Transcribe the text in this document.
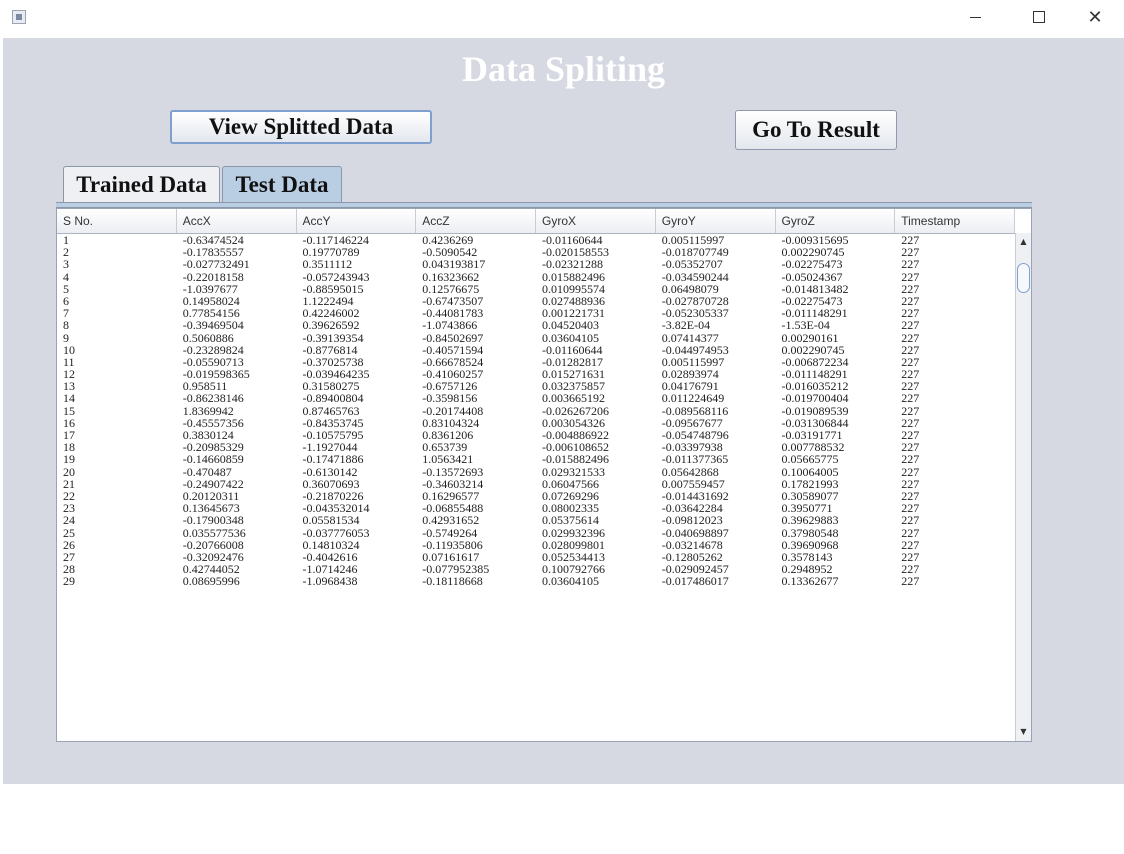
✕
Data Spliting
View Splitted Data	Go To Result
Trained Data	Test Data
S No.	AccX	AccY	AccZ	GyroX	GyroY	GyroZ	Timestamp
1	-0.63474524	-0.117146224	0.4236269	-0.01160644	0.005115997	-0.009315695	227
2	-0.17835557	0.19770789	-0.5090542	-0.020158553	-0.018707749	0.002290745	227
3	-0.027732491	0.3511112	0.043193817	-0.02321288	-0.05352707	-0.02275473	227
4	-0.22018158	-0.057243943	0.16323662	0.015882496	-0.034590244	-0.05024367	227
5	-1.0397677	-0.88595015	0.12576675	0.010995574	0.06498079	-0.014813482	227
6	0.14958024	1.1222494	-0.67473507	0.027488936	-0.027870728	-0.02275473	227
7	0.77854156	0.42246002	-0.44081783	0.001221731	-0.052305337	-0.011148291	227
8	-0.39469504	0.39626592	-1.0743866	0.04520403	-3.82E-04	-1.53E-04	227
9	0.5060886	-0.39139354	-0.84502697	0.03604105	0.07414377	0.00290161	227
10	-0.23289824	-0.8776814	-0.40571594	-0.01160644	-0.044974953	0.002290745	227
11	-0.05590713	-0.37025738	-0.66678524	-0.01282817	0.005115997	-0.006872234	227
12	-0.019598365	-0.039464235	-0.41060257	0.015271631	0.02893974	-0.011148291	227
13	0.958511	0.31580275	-0.6757126	0.032375857	0.04176791	-0.016035212	227
14	-0.86238146	-0.89400804	-0.3598156	0.003665192	0.011224649	-0.019700404	227
15	1.8369942	0.87465763	-0.20174408	-0.026267206	-0.089568116	-0.019089539	227
16	-0.45557356	-0.84353745	0.83104324	0.003054326	-0.09567677	-0.031306844	227
17	0.3830124	-0.10575795	0.8361206	-0.004886922	-0.054748796	-0.03191771	227
18	-0.20985329	-1.1927044	0.653739	-0.006108652	-0.03397938	0.007788532	227
19	-0.14660859	-0.17471886	1.0563421	-0.015882496	-0.011377365	0.05665775	227
20	-0.470487	-0.6130142	-0.13572693	0.029321533	0.05642868	0.10064005	227
21	-0.24907422	0.36070693	-0.34603214	0.06047566	0.007559457	0.17821993	227
22	0.20120311	-0.21870226	0.16296577	0.07269296	-0.014431692	0.30589077	227
23	0.13645673	-0.043532014	-0.06855488	0.08002335	-0.03642284	0.3950771	227
24	-0.17900348	0.05581534	0.42931652	0.05375614	-0.09812023	0.39629883	227
25	0.035577536	-0.037776053	-0.5749264	0.029932396	-0.040698897	0.37980548	227
26	-0.20766008	0.14810324	-0.11935806	0.028099801	-0.03214678	0.39690968	227
27	-0.32092476	-0.4042616	0.07161617	0.052534413	-0.12805262	0.3578143	227
28	0.42744052	-1.0714246	-0.077952385	0.100792766	-0.029092457	0.2948952	227
29	0.08695996	-1.0968438	-0.18118668	0.03604105	-0.017486017	0.13362677	227
▲
▼
